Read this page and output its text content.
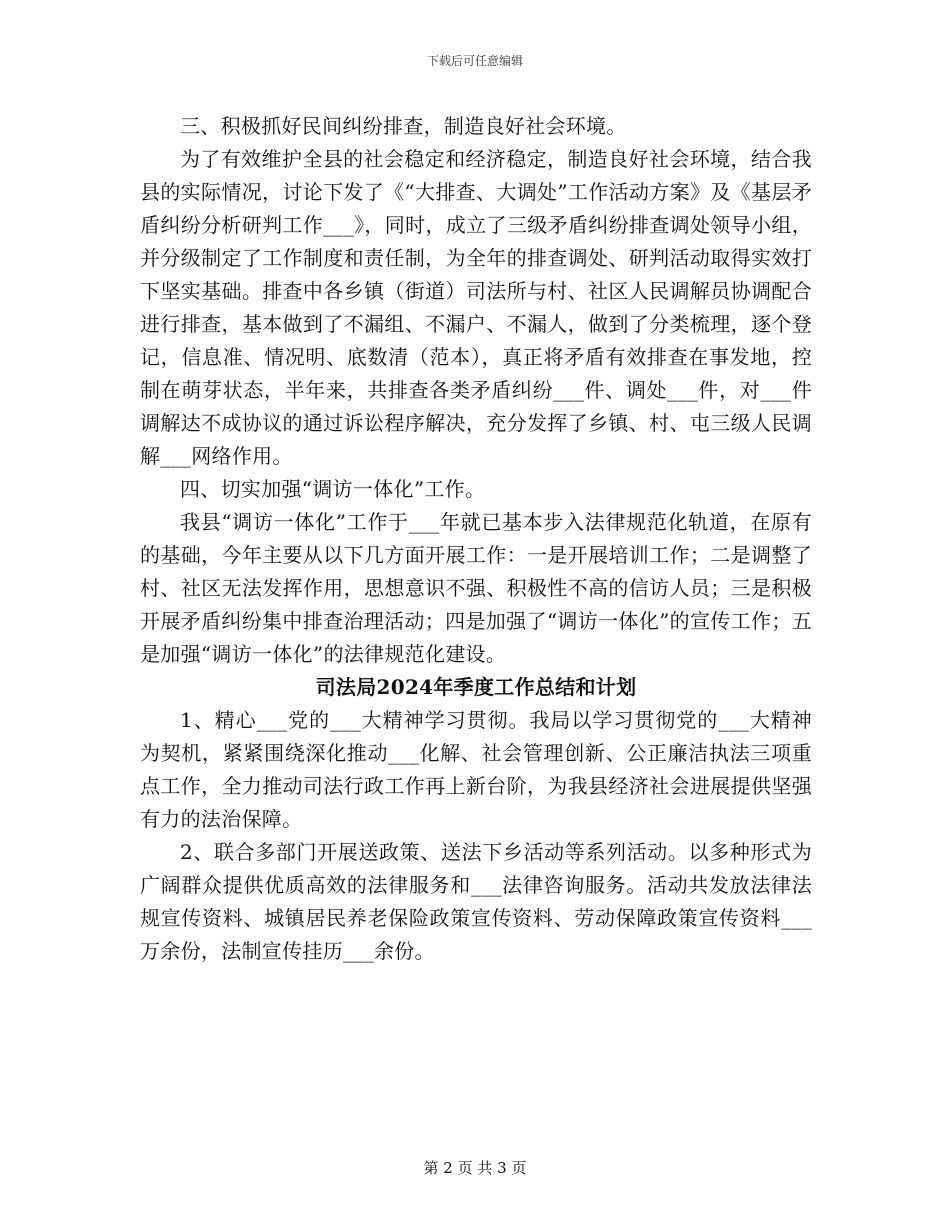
下载后可任意编辑

三、积极抓好民间纠纷排查，制造良好社会环境。

为了有效维护全县的社会稳定和经济稳定，制造良好社会环境，结合我县的实际情况，讨论下发了《“大排查、大调处”工作活动方案》及《基层矛盾纠纷分析研判工作___》，同时，成立了三级矛盾纠纷排查调处领导小组，并分级制定了工作制度和责任制，为全年的排查调处、研判活动取得实效打下坚实基础。排查中各乡镇（街道）司法所与村、社区人民调解员协调配合进行排查，基本做到了不漏组、不漏户、不漏人，做到了分类梳理，逐个登记，信息准、情况明、底数清（范本），真正将矛盾有效排查在事发地，控制在萌芽状态，半年来，共排查各类矛盾纠纷___件、调处___件，对___件调解达不成协议的通过诉讼程序解决，充分发挥了乡镇、村、屯三级人民调解___网络作用。

四、切实加强“调访一体化”工作。

我县“调访一体化”工作于___年就已基本步入法律规范化轨道，在原有的基础，今年主要从以下几方面开展工作：一是开展培训工作；二是调整了村、社区无法发挥作用，思想意识不强、积极性不高的信访人员；三是积极开展矛盾纠纷集中排查治理活动；四是加强了“调访一体化”的宣传工作；五是加强“调访一体化”的法律规范化建设。

司法局2024年季度工作总结和计划

1、精心___党的___大精神学习贯彻。我局以学习贯彻党的___大精神为契机，紧紧围绕深化推动___化解、社会管理创新、公正廉洁执法三项重点工作，全力推动司法行政工作再上新台阶，为我县经济社会进展提供坚强有力的法治保障。

2、联合多部门开展送政策、送法下乡活动等系列活动。以多种形式为广阔群众提供优质高效的法律服务和___法律咨询服务。活动共发放法律法规宣传资料、城镇居民养老保险政策宣传资料、劳动保障政策宣传资料___万余份，法制宣传挂历___余份。

第 2 页 共 3 页
